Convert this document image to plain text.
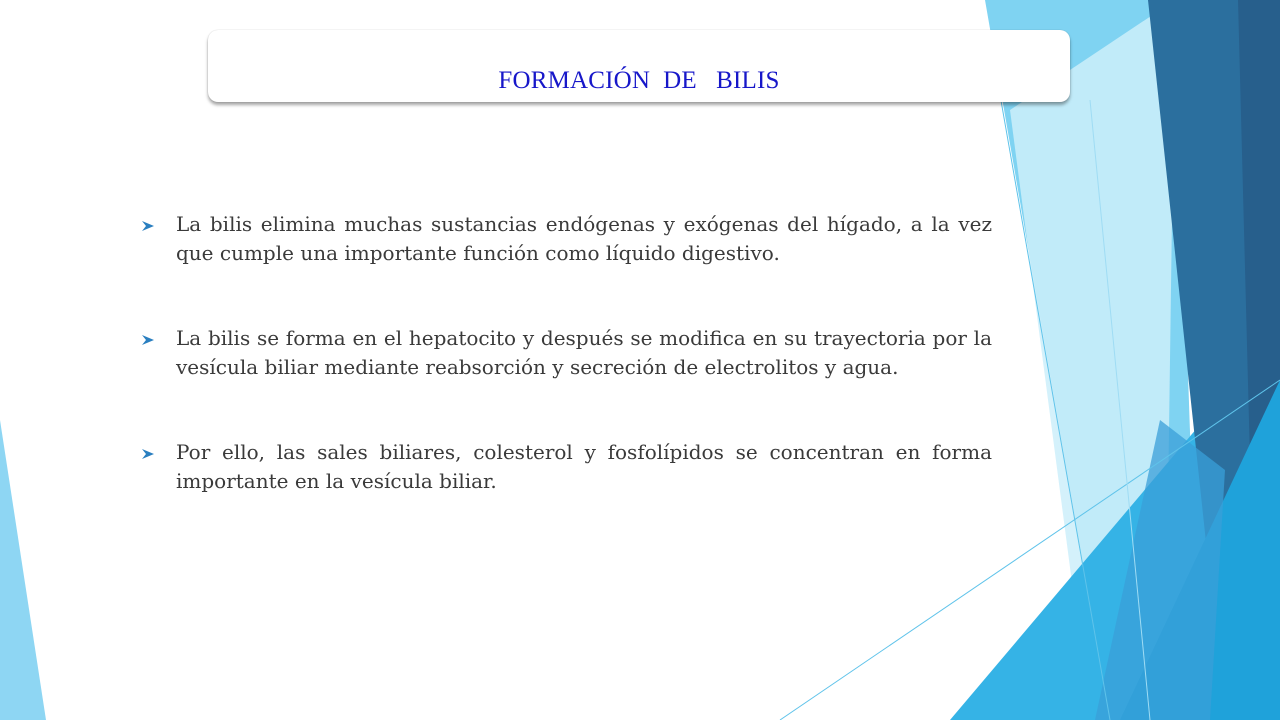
FORMACIÓN  DE   BILIS
La bilis elimina muchas sustancias endógenas y exógenas del hígado, a la vez que cumple una importante función como líquido digestivo.
La bilis se forma en el hepatocito y después se modifica en su trayectoria por la vesícula biliar mediante reabsorción y secreción de electrolitos y agua.
Por ello, las sales biliares, colesterol y fosfolípidos se concentran en forma importante en la vesícula biliar.
